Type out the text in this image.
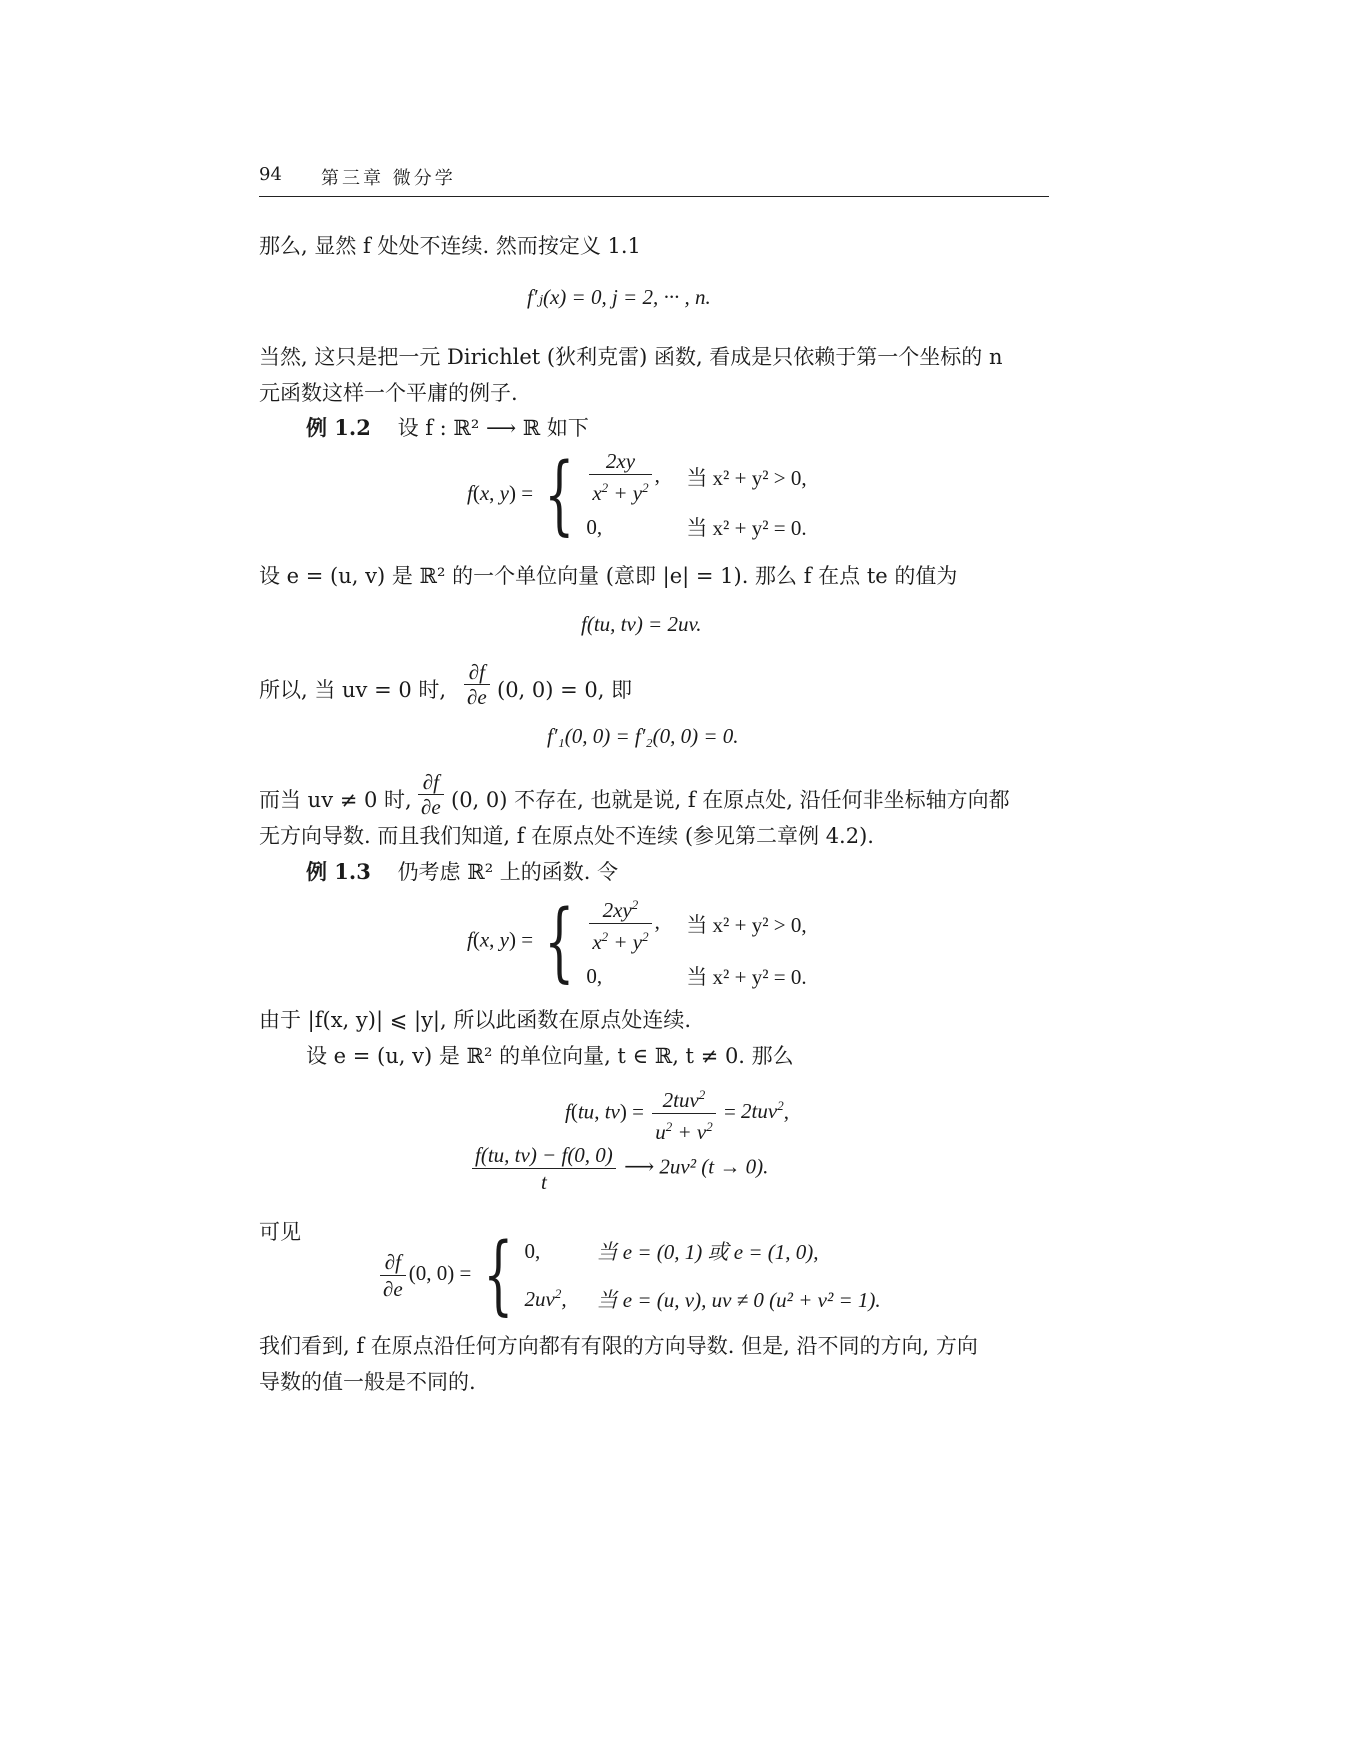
94 第三章 微分学
那么, 显然 f 处处不连续. 然而按定义 1.1
f′ⱼ(x) = 0, j = 2, ··· , n.
当然, 这只是把一元 Dirichlet (狄利克雷) 函数, 看成是只依赖于第一个坐标的 n
元函数这样一个平庸的例子.
例 1.2 设 f : ℝ² ⟶ ℝ 如下
f(x, y) = { $\frac{2xy}{x^2 + y^2}$ ,	当 x² + y² > 0,
0,	当 x² + y² = 0.
设 e = (u, v) 是 ℝ² 的一个单位向量 (意即 |e| = 1). 那么 f 在点 te 的值为
f(tu, tv) = 2uv.
所以, 当 uv = 0 时,
∂f
∂e (0, 0) = 0, 即
f′₁(0, 0) = f′₂(0, 0) = 0.
而当 uv ≠ 0 时,
∂f
∂e (0, 0) 不存在, 也就是说, f 在原点处, 沿任何非坐标轴方向都
无方向导数. 而且我们知道, f 在原点处不连续 (参见第二章例 4.2).
例 1.3 仍考虑 ℝ² 上的函数. 令
f(x, y) = { $\frac{2xy^2}{x^2 + y^2}$ ,	当 x² + y² > 0,
0,	当 x² + y² = 0.
由于 |f(x, y)| ⩽ |y|, 所以此函数在原点处连续.
设 e = (u, v) 是 ℝ² 的单位向量, t ∈ ℝ, t ≠ 0. 那么
f(tu, tv) = 2tuv$^2$
$u^2 + v^2$
= 2tuv$^2$,
$\frac{f(tu, tv) - f(0, 0)}{t}$ ⟶ 2uv² (t → 0).
可见
$\frac{\partial f}{\partial e} (0$, 0) = { 0,	当 e = (0, 1) 或 e = (1, 0),
$2uv^2$,	当 e = (u, v), uv ≠ 0 (u² + v² = 1).
我们看到, f 在原点沿任何方向都有有限的方向导数. 但是, 沿不同的方向, 方向
导数的值一般是不同的.
